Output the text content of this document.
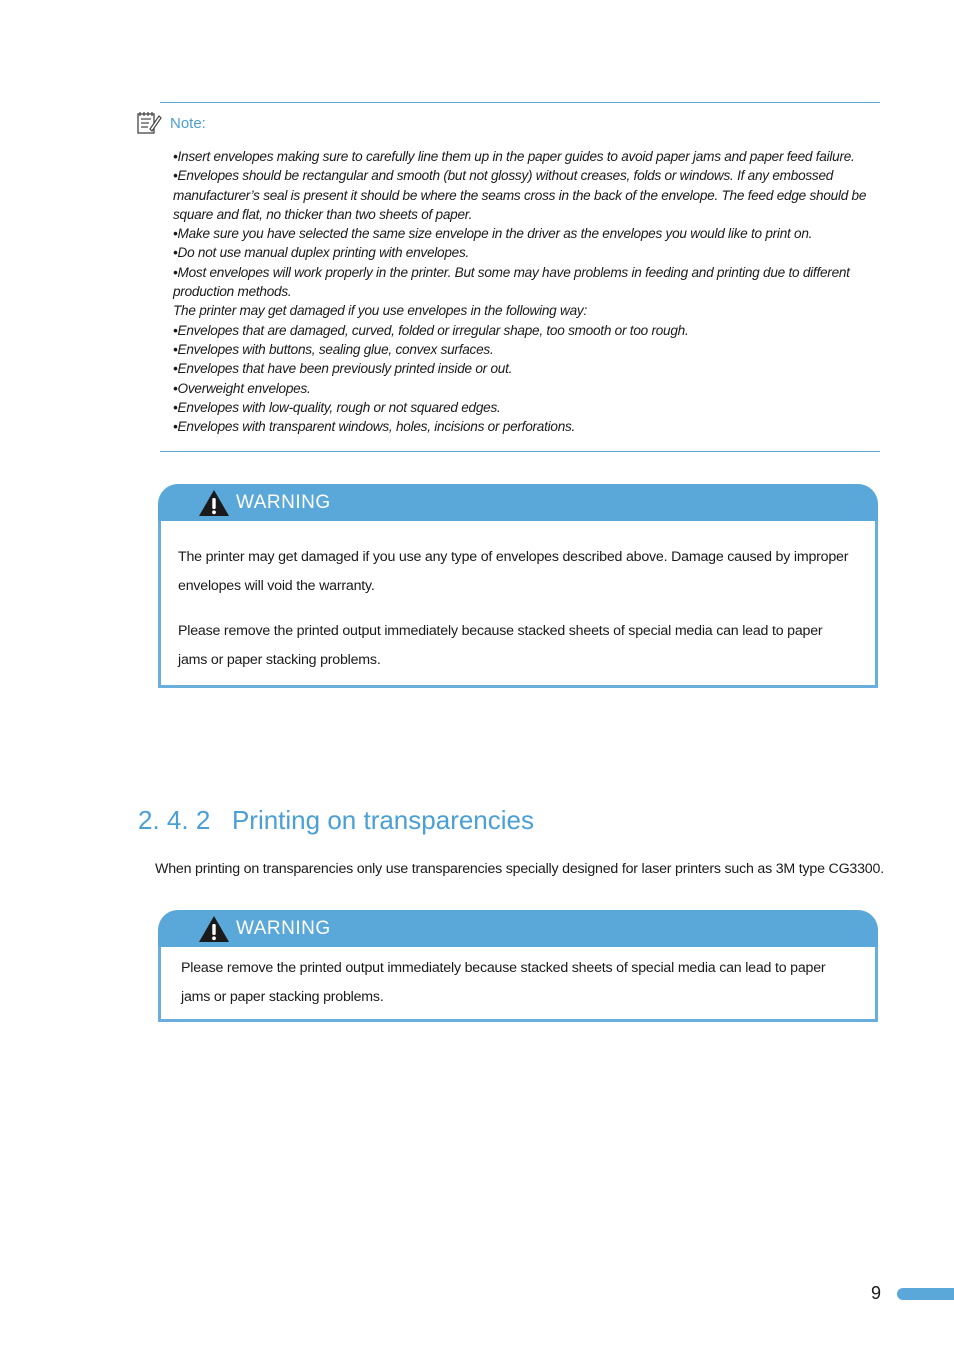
Note:
•Insert envelopes making sure to carefully line them up in the paper guides to avoid paper jams and paper feed failure.
•Envelopes should be rectangular and smooth (but not glossy) without creases, folds or windows. If any embossed manufacturer’s seal is present it should be where the seams cross in the back of the envelope. The feed edge should be square and flat, no thicker than two sheets of paper.
•Make sure you have selected the same size envelope in the driver as the envelopes you would like to print on.
•Do not use manual duplex printing with envelopes.
•Most envelopes will work properly in the printer. But some may have problems in feeding and printing due to different production methods.
The printer may get damaged if you use envelopes in the following way:
•Envelopes that are damaged, curved, folded or irregular shape, too smooth or too rough.
•Envelopes with buttons, sealing glue, convex surfaces.
•Envelopes that have been previously printed inside or out.
•Overweight envelopes.
•Envelopes with low-quality, rough or not squared edges.
•Envelopes with transparent windows, holes, incisions or perforations.
WARNING

The printer may get damaged if you use any type of envelopes described above. Damage caused by improper envelopes will void the warranty.

Please remove the printed output immediately because stacked sheets of special media can lead to paper jams or paper stacking problems.

2. 4. 2   Printing on transparencies
When printing on transparencies only use transparencies specially designed for laser printers such as 3M type CG3300.
WARNING

Please remove the printed output immediately because stacked sheets of special media can lead to paper jams or paper stacking problems.

9
